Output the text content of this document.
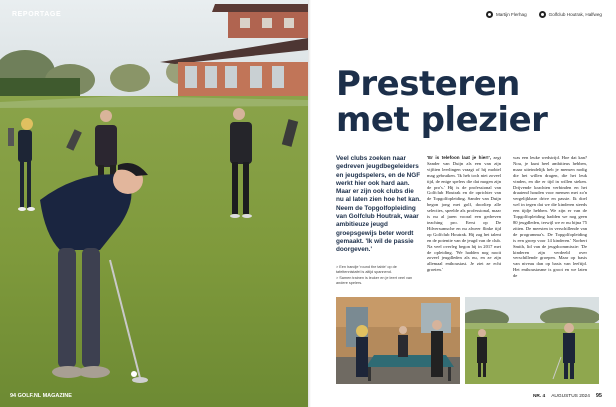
REPORTAGE
94 GOLF.NL MAGAZINE
Martijn Flerhag	Golfclub Houtrak, Halfweg
Presteren
met plezier
Veel clubs zoeken naar gedreven jeugdbegeleiders en jeugdspelers, en de NGF werkt hier ook hard aan. Maar er zijn ook clubs die nu al laten zien hoe het kan. Neem de Topgolfopleiding van Golfclub Houtrak, waar ambitieuze jeugd groepsgewijs beter wordt gemaakt. 'Ik wil de passie doorgeven.'
> Een handje 'round the table' op de tafeltennistafel is altijd spannend.
> Samen trainen is leuker en je leert veel van andere spelers.
'Er is telefoon laat je hier!', zegt Sander van Duijn als een van zijn vijftien leerlingen vraagt of hij mobiel mag gebruiken. 'Ik heb toch niet zoveel tijd, de enige spelers die dat mogen zijn de pro's.' Hij is de professional van Golfclub Houtrak en de oprichter van de Topgolfopleiding. Sander van Duijn begon jong met golf, doorliep alle selecties, speelde als professional, maar is nu al jaren vooral een gedreven teaching pro. Eerst op De Hilversumsche en nu alweer flinke tijd op Golfclub Houtrak. Hij zag het talent en de potentie van de jeugd van de club. Na veel overleg begon hij in 2017 met de opleiding. 'We hadden nog nooit zoveel jeugdleden als nu, en ze zijn allemaal enthousiast. Je ziet ze echt groeien.'
was een leuke wedstrijd. Hoe dat kan? Nou, je kunt heel ambitieus hebben, maar uiteindelijk heb je mensen nodig die het willen dragen, die het leuk vinden, en die er tijd in willen steken. Drijvende krachten verbinden en het draaiend houden voor mensen met zo'n vergelijkbare drive en passie. Ik doel wel in tegen dat we die kinderen steeds een tijdje hebben. We zijn er van de Topgolfopleiding hadden we nog geen 80 jeugdleden, terwijl we er nu bijna 75 zitten. De meesten in verschillende van de programma's. De Topgolfopleiding is een groep voor 14 kinderen.' Norbert Smith, lid van de jeugdcommissie: 'De kinderen zijn verdeeld over verschillende groepen. Maar op basis van niveau dan op basis van leeftijd. Het enthousiasme is groot en we laten de
NR. 4 AUGUSTUS 2024 95
